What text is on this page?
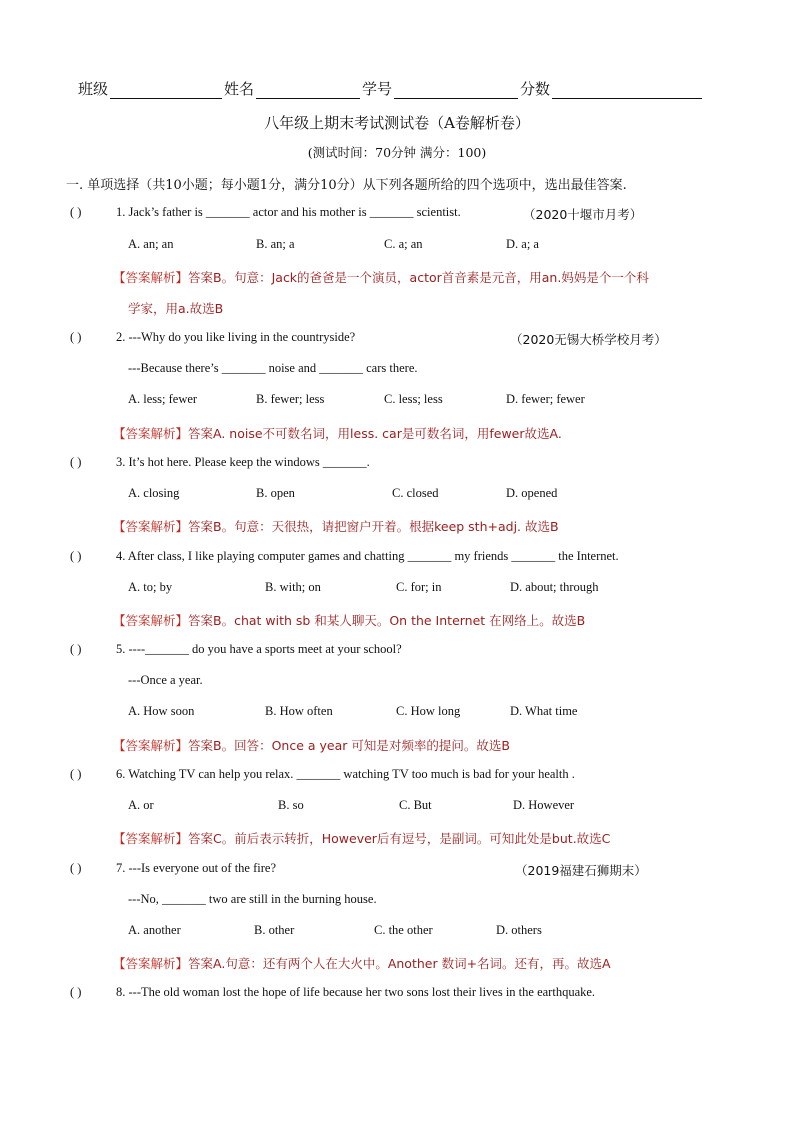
班级	姓名	学号	分数
八年级上期末考试测试卷（A卷解析卷）
(测试时间：70分钟 满分：100)
一. 单项选择（共10小题；每小题1分，满分10分）从下列各题所给的四个选项中，选出最佳答案.
( )	1. Jack’s father is _______ actor and his mother is _______ scientist.	（2020十堰市月考）
A. an; an	B. an; a	C. a; an	D. a; a
【答案解析】答案B。句意：Jack的爸爸是一个演员，actor首音素是元音，用an.妈妈是个一个科
学家，用a.故选B
( )	2. ---Why do you like living in the countryside?	（2020无锡大桥学校月考）
---Because there’s _______ noise and _______ cars there.
A. less; fewer	B. fewer; less	C. less; less	D. fewer; fewer
【答案解析】答案A. noise不可数名词，用less. car是可数名词，用fewer故选A.
( )	3. It’s hot here. Please keep the windows _______.
A. closing	B. open	C. closed	D. opened
【答案解析】答案B。句意：天很热，请把窗户开着。根据keep sth+adj. 故选B
( )	4. After class, I like playing computer games and chatting _______ my friends _______ the Internet.
A. to; by	B. with; on	C. for; in	D. about; through
【答案解析】答案B。chat with sb 和某人聊天。On the Internet 在网络上。故选B
( )	5. ----_______ do you have a sports meet at your school?
---Once a year.
A. How soon	B. How often	C. How long	D. What time
【答案解析】答案B。回答：Once a year 可知是对频率的提问。故选B
( )	6. Watching TV can help you relax. _______ watching TV too much is bad for your health .
A. or	B. so	C. But	D. However
【答案解析】答案C。前后表示转折，However后有逗号，是副词。可知此处是but.故选C
( )	7. ---Is everyone out of the fire?	（2019福建石狮期末）
---No, _______ two are still in the burning house.
A. another	B. other	C. the other	D. others
【答案解析】答案A.句意：还有两个人在大火中。Another 数词+名词。还有，再。故选A
( )	8. ---The old woman lost the hope of life because her two sons lost their lives in the earthquake.
